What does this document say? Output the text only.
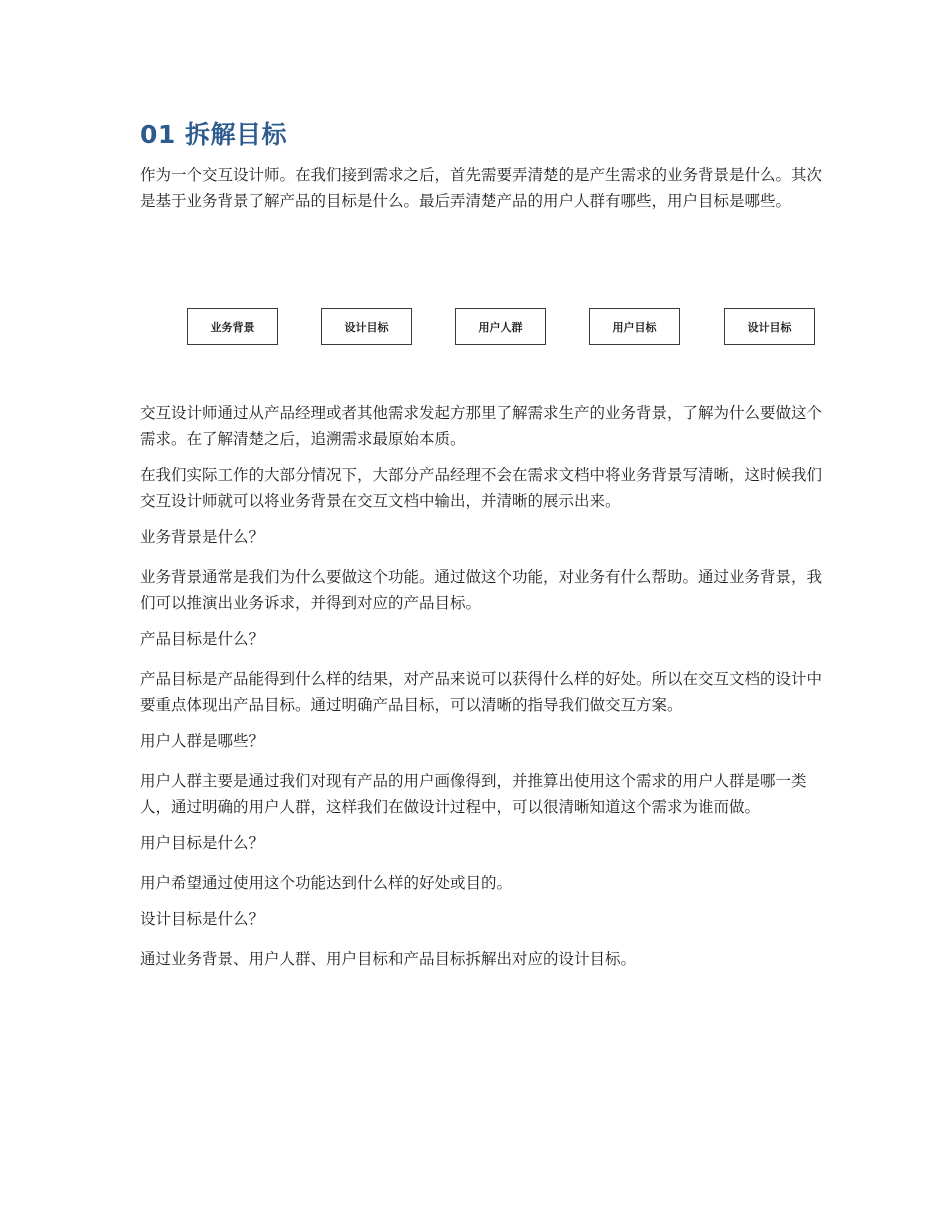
01 拆解目标

作为一个交互设计师。在我们接到需求之后，首先需要弄清楚的是产生需求的业务背景是什么。其次是基于业务背景了解产品的目标是什么。最后弄清楚产品的用户人群有哪些，用户目标是哪些。

业务背景	设计目标	用户人群	用户目标	设计目标

交互设计师通过从产品经理或者其他需求发起方那里了解需求生产的业务背景，了解为什么要做这个需求。在了解清楚之后，追溯需求最原始本质。

在我们实际工作的大部分情况下，大部分产品经理不会在需求文档中将业务背景写清晰，这时候我们交互设计师就可以将业务背景在交互文档中输出，并清晰的展示出来。

业务背景是什么？

业务背景通常是我们为什么要做这个功能。通过做这个功能，对业务有什么帮助。通过业务背景，我们可以推演出业务诉求，并得到对应的产品目标。

产品目标是什么？

产品目标是产品能得到什么样的结果，对产品来说可以获得什么样的好处。所以在交互文档的设计中要重点体现出产品目标。通过明确产品目标，可以清晰的指导我们做交互方案。

用户人群是哪些？

用户人群主要是通过我们对现有产品的用户画像得到，并推算出使用这个需求的用户人群是哪一类人，通过明确的用户人群，这样我们在做设计过程中，可以很清晰知道这个需求为谁而做。

用户目标是什么？

用户希望通过使用这个功能达到什么样的好处或目的。

设计目标是什么？

通过业务背景、用户人群、用户目标和产品目标拆解出对应的设计目标。
